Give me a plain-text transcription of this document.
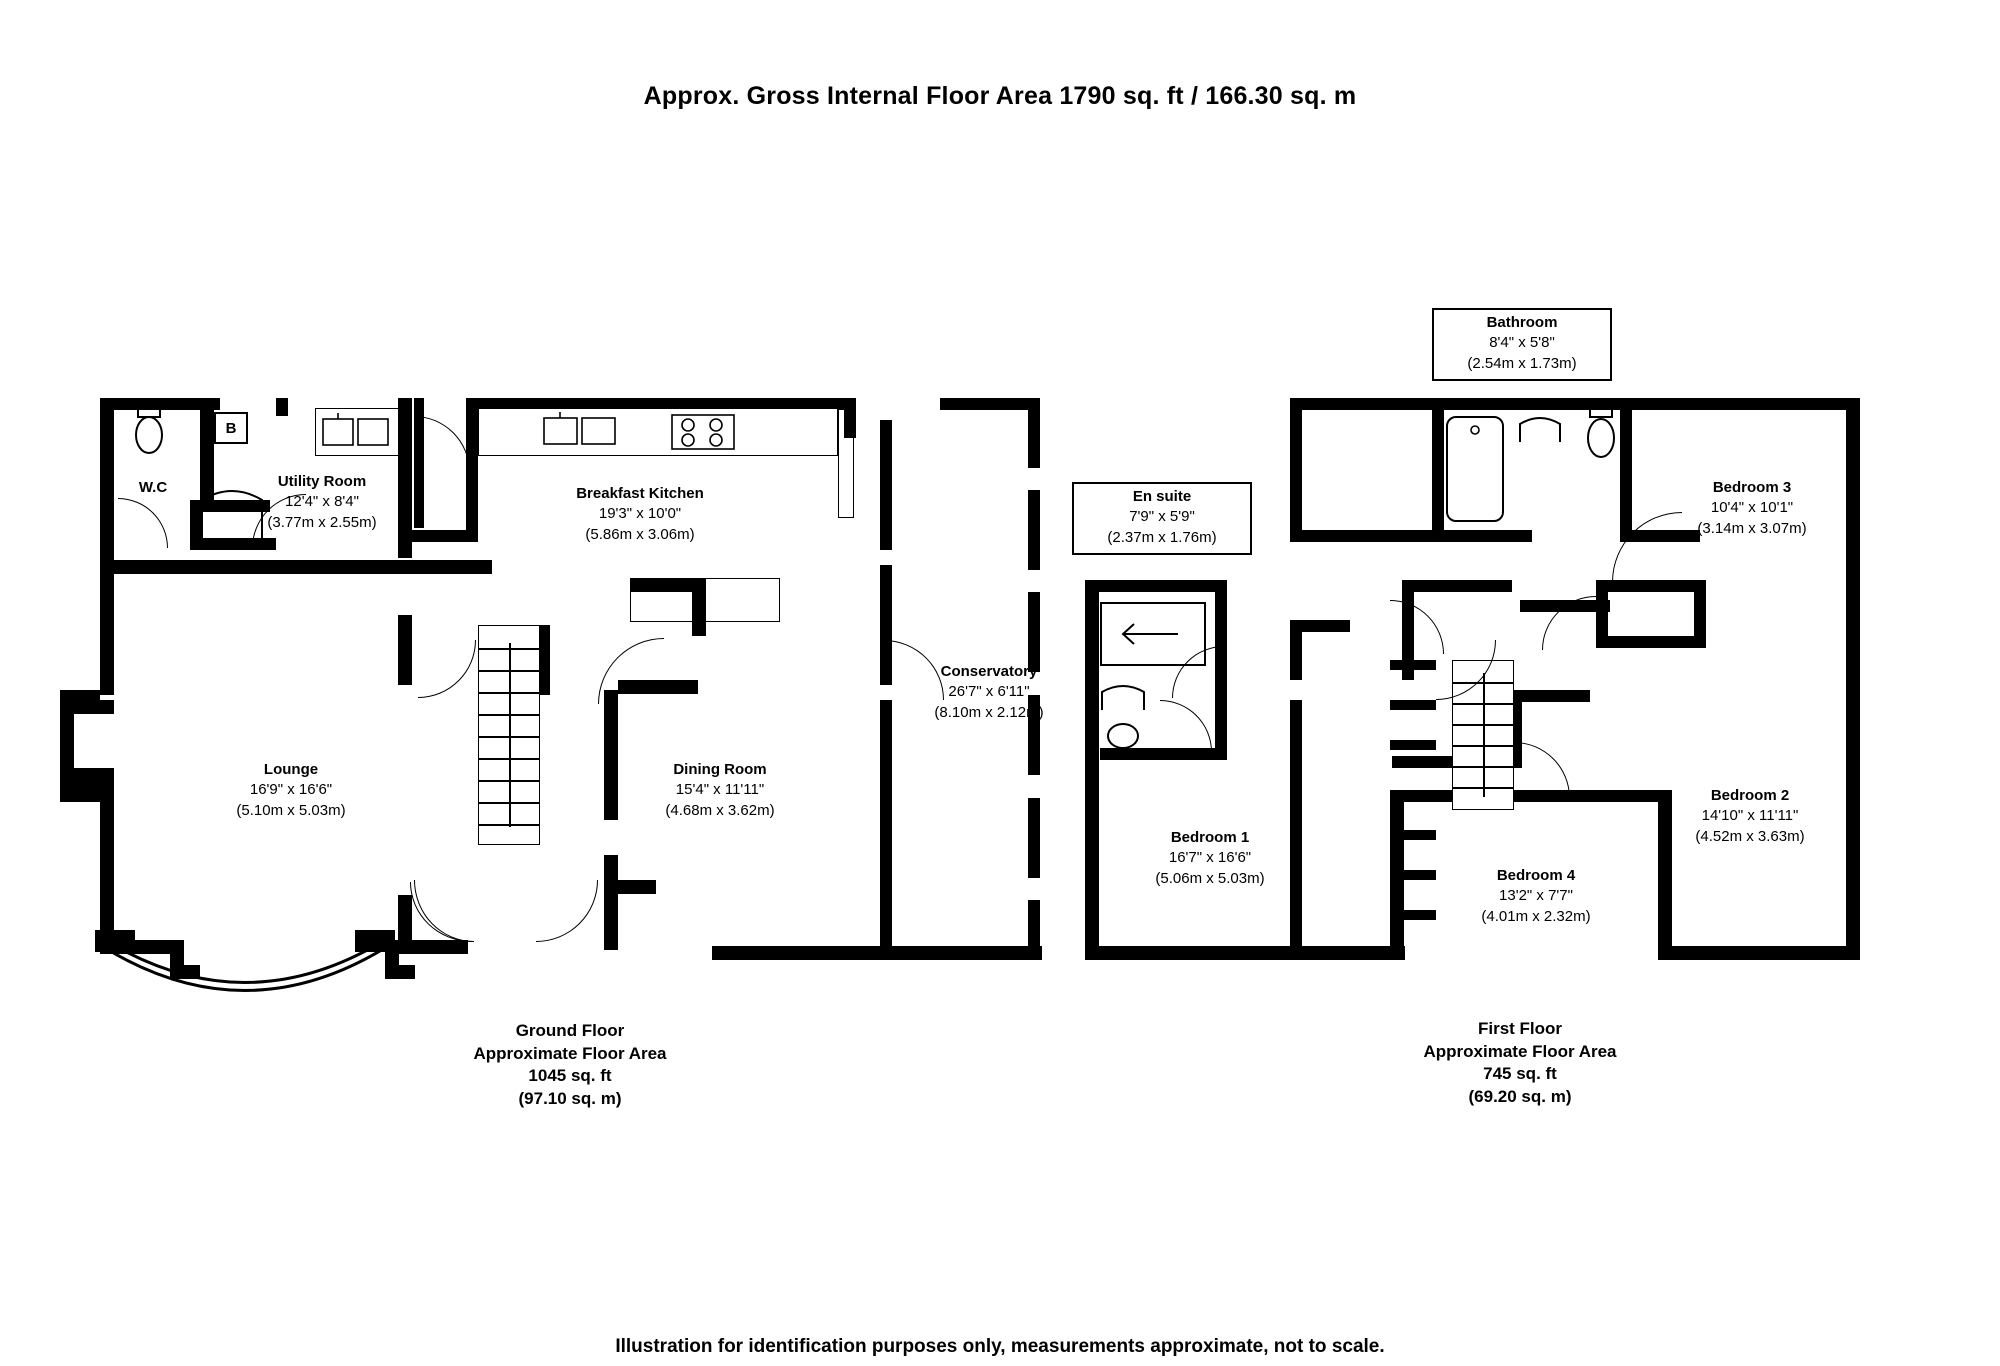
Approx. Gross Internal Floor Area 1790 sq. ft / 166.30 sq. m
B
W.C	Utility Room
12'4" x 8'4"
(3.77m x 2.55m)
Breakfast Kitchen
19'3" x 10'0"
(5.86m x 3.06m)
Conservatory
26'7" x 6'11"
(8.10m x 2.12m)
Lounge
16'9" x 16'6"
(5.10m x 5.03m)
Dining Room
15'4" x 11'11"
(4.68m x 3.62m)
Ground Floor
Approximate Floor Area
1045 sq. ft
(97.10 sq. m)
Bathroom
8'4" x 5'8"
(2.54m x 1.73m)
En suite
7'9" x 5'9"
(2.37m x 1.76m)
Bedroom 1
16'7" x 16'6"
(5.06m x 5.03m)
Bedroom 2
14'10" x 11'11"
(4.52m x 3.63m)
Bedroom 3
10'4" x 10'1"
(3.14m x 3.07m)
Bedroom 4
13'2" x 7'7"
(4.01m x 2.32m)
First Floor
Approximate Floor Area
745 sq. ft
(69.20 sq. m)
Illustration for identification purposes only, measurements approximate, not to scale.
